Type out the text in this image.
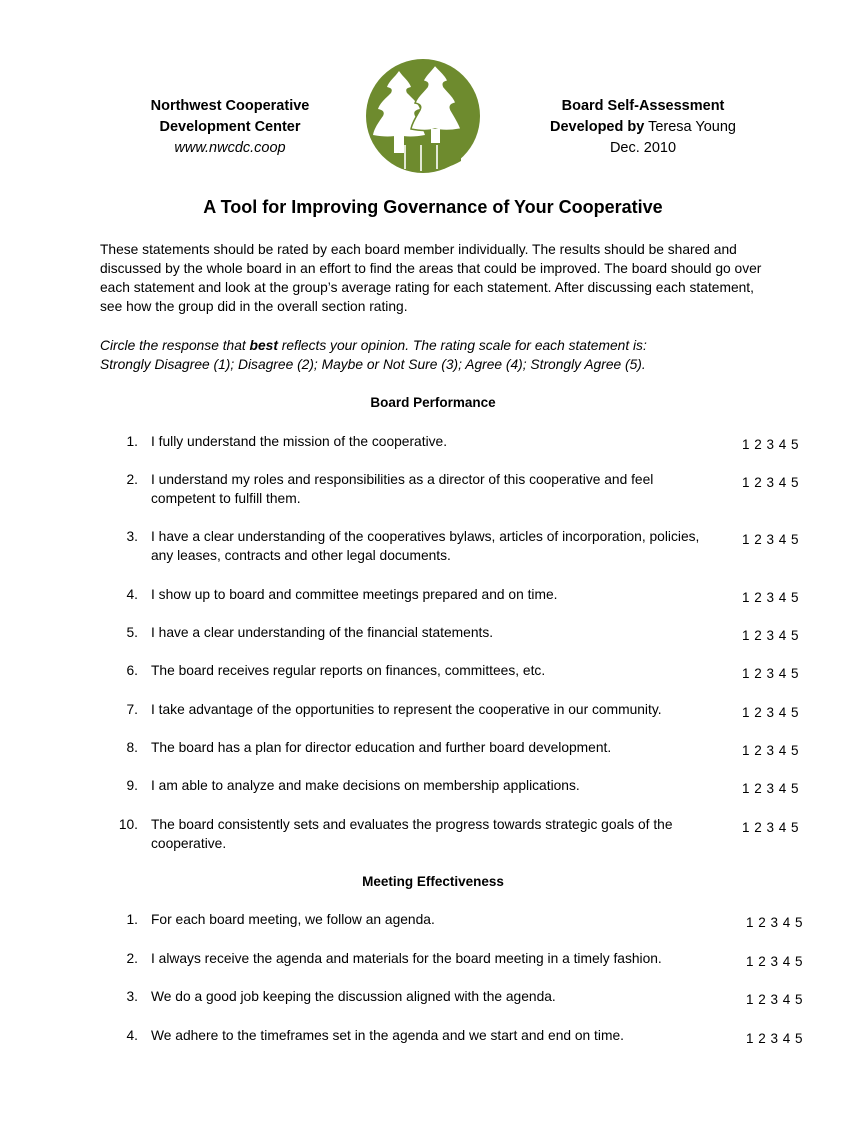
Northwest Cooperative
Development Center
www.nwcdc.coop
Board Self-Assessment
Developed by Teresa Young
Dec. 2010
A Tool for Improving Governance of Your Cooperative
These statements should be rated by each board member individually. The results should be shared and discussed by the whole board in an effort to find the areas that could be improved. The board should go over each statement and look at the group’s average rating for each statement. After discussing each statement, see how the group did in the overall section rating.
Circle the response that best reflects your opinion. The rating scale for each statement is:
Strongly Disagree (1); Disagree (2); Maybe or Not Sure (3); Agree (4); Strongly Agree (5).
Board Performance
1. I fully understand the mission of the cooperative.	1 2 3 4 5
2. I understand my roles and responsibilities as a director of this cooperative and feel competent to fulfill them.
1 2 3 4 5
3. I have a clear understanding of the cooperatives bylaws, articles of incorporation, policies, any leases, contracts and other legal documents.
1 2 3 4 5
4. I show up to board and committee meetings prepared and on time.	1 2 3 4 5
5. I have a clear understanding of the financial statements.	1 2 3 4 5
6. The board receives regular reports on finances, committees, etc.	1 2 3 4 5
7. I take advantage of the opportunities to represent the cooperative in our community.	1 2 3 4 5
8. The board has a plan for director education and further board development.	1 2 3 4 5
9. I am able to analyze and make decisions on membership applications.	1 2 3 4 5
10. The board consistently sets and evaluates the progress towards strategic goals of the cooperative.
1 2 3 4 5
Meeting Effectiveness
1. For each board meeting, we follow an agenda.	1 2 3 4 5
2. I always receive the agenda and materials for the board meeting in a timely fashion.	1 2 3 4 5
3. We do a good job keeping the discussion aligned with the agenda.	1 2 3 4 5
4. We adhere to the timeframes set in the agenda and we start and end on time.	1 2 3 4 5
